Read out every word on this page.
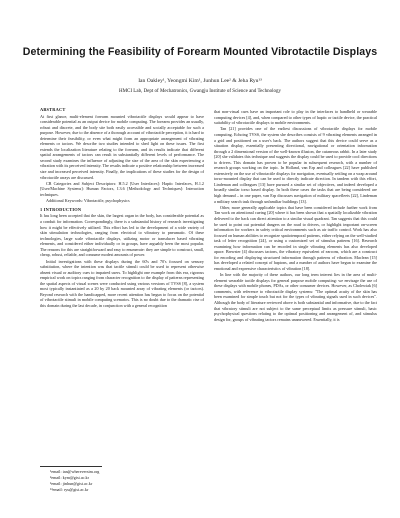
Determining the Feasibility of Forearm Mounted Vibrotactile Displays
Ian Oakley¹, Yeongmi Kim¹, Junhun Lee² & Jeha Ryu¹³
HMCI Lab, Dept of Mechatronics, Gwangju Institute of Science and Technology
ABSTRACT

At first glance, multi-element forearm mounted vibrotactile displays would appear to have considerable potential as an output device for mobile computing. The forearm provides an usually, robust and discrete, and the body site both easily accessible and socially acceptable for such a purpose. However, due to the absence of a thorough account of vibrotactile perception, it is hard to determine their feasibility, or even what might form an appropriate arrangement of vibrating elements or tactors. We describe two studies intended to shed light on these issues. The first extends the localization literature relating to the forearm, and its results indicate that different spatial arrangements of tactors can result in substantially different levels of performance. The second study examines the influence of adjusting the size of the area of the skin experiencing a vibration with its perceived intensity. The results indicate a positive relationship between increased size and increased perceived intensity. Finally, the implications of these studies for the design of vibrotactile arrays are discussed.

CR Categories and Subject Descriptors: H.5.2 [User Interfaces]: Haptic Interfaces, H.1.2 [User/Machine Systems]: Human Factors, I.3.6 [Methodology and Techniques]: Interaction techniques.

Additional Keywords: Vibrotactile, psychophysics

1 INTRODUCTION

It has long been accepted that the skin, the largest organ in the body, has considerable potential as a conduit for information. Correspondingly, there is a substantial history of research investigating how it might be effectively utilized. This effort has led to the development of a wide variety of skin stimulation technologies, ranging from electrical to vibratory to pneumatic. Of these technologies, large scale vibrotactile displays, utilizing motor or transducer based vibrating elements, and considered either individually or in groups, have arguably been the most popular. The reasons for this are straightforward and easy to enumerate: they are simple to construct, small, cheap, robust, reliable, and consume modest amounts of power.

Initial investigations with these displays during the 60's and 70's focused on sensory substitution, where the intention was that tactile stimuli could be used to represent otherwise absent visual or auditory cues to impaired users. To highlight one example from this era, rigorous empirical work on topics ranging from character recognition to the display of patterns representing the spatial aspects of visual scenes were conducted using various versions of TVSS [8], a system most typically instantiated as a 20 by 20 back mounted array of vibrating elements (or tactors). Beyond research with the handicapped, more recent attention has begun to focus on the potential of vibrotactile stimuli in mobile computing scenarios. This is no doubt due to the dramatic rise of this domain during the last decade, in conjunction with a general recognition

that non-visual cues have an important role to play in the interfaces to handheld or wearable computing devices [4], and, when compared to other types of haptic or tactile device, the practical suitability of vibrotactile displays to mobile environments.

Tan [21] provides one of the earliest discussions of vibrotactile displays for mobile computing. Echoing TVSS, the system she describes consists of 9 vibrating elements arranged in a grid and positioned on a user's back. The authors suggest that this device could serve as a situation display, essentially presenting directional, navigational or orientation information through a 2 dimensional version of the well-known illusion, the cutaneous rabbit. In a later study [20] she validates this technique and suggests the display could be used to provide cool directions to drivers. This domain has proven to be popular in subsequent research, with a number of research groups working on the topic. In Holland, van Erp and colleagues [22] have published extensively on the use of vibrotactile displays for navigation, eventually settling on a wrap around torso-mounted display that can be used to directly indicate direction. In tandem with this effort, Lindeman and colleagues [13] have pursued a similar set of objectives, and indeed developed a broadly similar torso based display. In both these cases the tasks that are being considered are high demand – in one paper, van Erp discusses navigation of military spacefleets [22], Lindeman a military search task through unfamiliar buildings [13].

Other, more generally applicable topics that have been considered include further work from Tan work on attentional cueing [20] where it has been shown that a spatially localizable vibration delivered to the back can direct attention to a similar visual quadrant. Tan suggests that this could be used to point out potential dangers on the road to drivers, or highlight important on-screen information for workers in safety critical environments such as air traffic control. Work has also focused on human abilities to recognize spatiotemporal patterns, either relying on the well-studied task of letter recognition [24], or using a customized set of stimulus patterns [16]. Research examining how information can be encoded in single vibrating elements has also developed apace. Brewster [4] discusses tactons, the vibratory equivalent of earcons, which are a construct for encoding and displaying structured information through patterns of vibration. Maclean [15] has developed a related concept of haptons, and a number of authors have begun to examine the emotional and expressive characteristics of vibration [18].

In line with the majority of these authors, our long term interest lies in the area of multi-element wearable tactile displays for general purpose mobile computing: we envisage the use of these displays with mobile phones, PDAs, or other consumer devices. However, as Cholewiak [6] comments, with reference to vibrotactile display systems: "The optimal acuity of the skin has been examined for simple touch but not for the types of vibrating signals used in such devices". Although the body of literature reviewed above is both substantial and informative, due to the fact that vibratory stimuli are not subject to the same perceptual limits as pressure stimuli, basic psychophysical questions relating to the optimal positioning and arrangement of, and stimulus design for, groups of vibrating tactors remains unanswered. Essentially, it is

¹email: ian@whereversim.org
²email: kym@gist.ac.kr
³email: jinhun@gist.ac.kr
¹³email: ryu@gist.ac.kr
